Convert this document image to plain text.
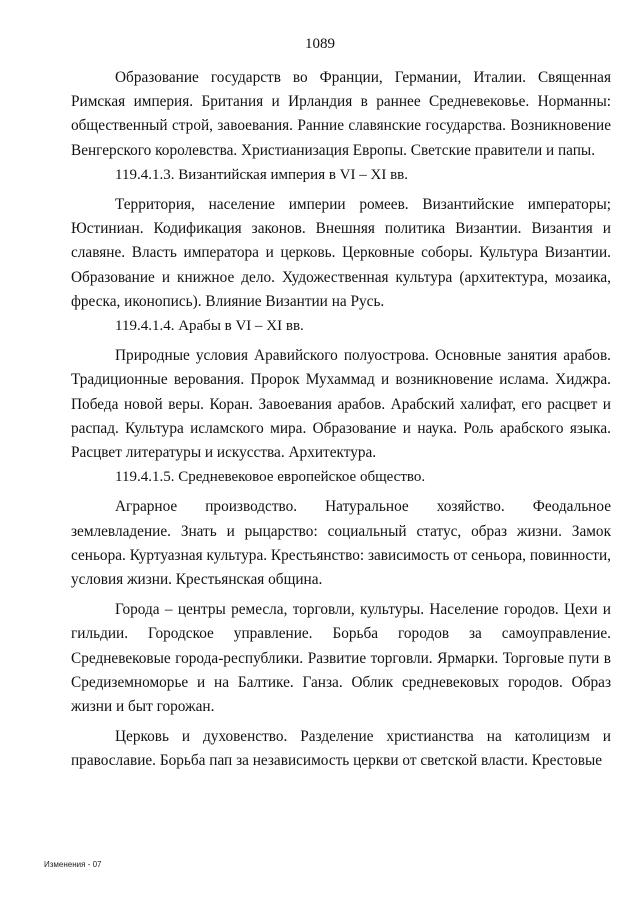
1089

Образование государств во Франции, Германии, Италии. Священная Римская империя. Британия и Ирландия в раннее Средневековье. Норманны: общественный строй, завоевания. Ранние славянские государства. Возникновение Венгерского королевства. Христианизация Европы. Светские правители и папы.

119.4.1.3. Византийская империя в VI – XI вв.

Территория, население империи ромеев. Византийские императоры; Юстиниан. Кодификация законов. Внешняя политика Византии. Византия и славяне. Власть императора и церковь. Церковные соборы. Культура Византии. Образование и книжное дело. Художественная культура (архитектура, мозаика, фреска, иконопись). Влияние Византии на Русь.

119.4.1.4. Арабы в VI – XI вв.

Природные условия Аравийского полуострова. Основные занятия арабов. Традиционные верования. Пророк Мухаммад и возникновение ислама. Хиджра. Победа новой веры. Коран. Завоевания арабов. Арабский халифат, его расцвет и распад. Культура исламского мира. Образование и наука. Роль арабского языка. Расцвет литературы и искусства. Архитектура.

119.4.1.5. Средневековое европейское общество.

Аграрное производство. Натуральное хозяйство. Феодальное землевладение. Знать и рыцарство: социальный статус, образ жизни. Замок сеньора. Куртуазная культура. Крестьянство: зависимость от сеньора, повинности, условия жизни. Крестьянская община.

Города – центры ремесла, торговли, культуры. Население городов. Цехи и гильдии. Городское управление. Борьба городов за самоуправление. Средневековые города-республики. Развитие торговли. Ярмарки. Торговые пути в Средиземноморье и на Балтике. Ганза. Облик средневековых городов. Образ жизни и быт горожан.

Церковь и духовенство. Разделение христианства на католицизм и православие. Борьба пап за независимость церкви от светской власти. Крестовые

Изменения - 07
